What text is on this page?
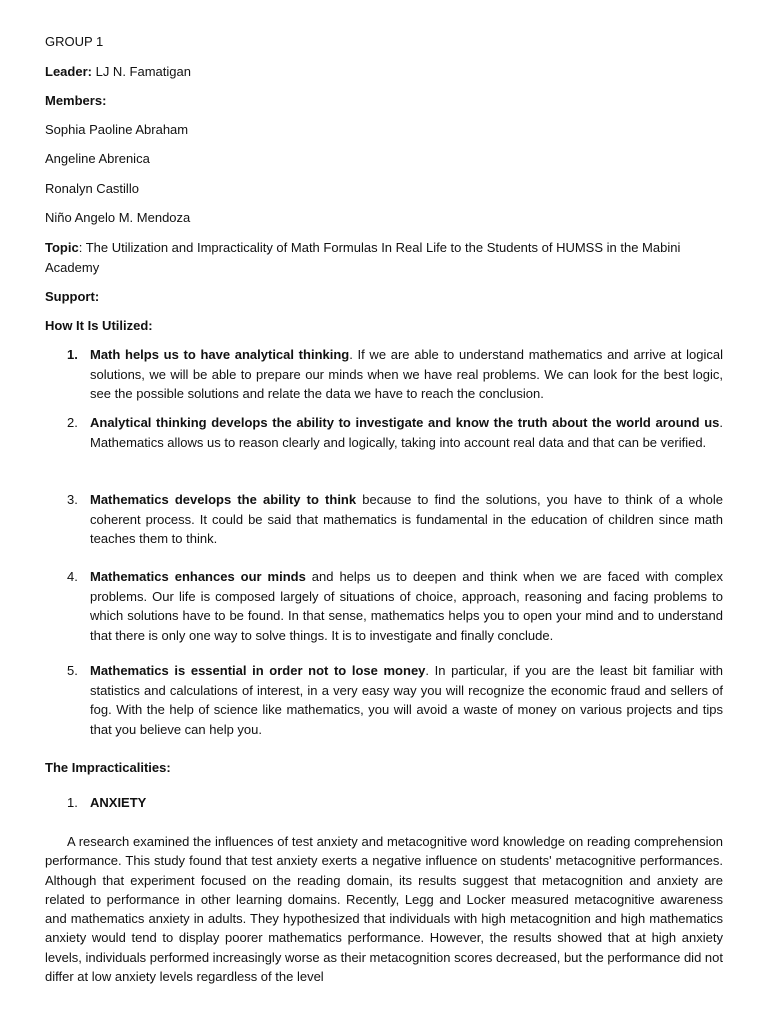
GROUP 1

Leader: LJ N. Famatigan

Members:

Sophia Paoline Abraham

Angeline Abrenica

Ronalyn Castillo

Niño Angelo M. Mendoza

Topic: The Utilization and Impracticality of Math Formulas In Real Life to the Students of HUMSS in the Mabini Academy

Support:

How It Is Utilized:

1. Math helps us to have analytical thinking. If we are able to understand mathematics and arrive at logical solutions, we will be able to prepare our minds when we have real problems. We can look for the best logic, see the possible solutions and relate the data we have to reach the conclusion.

2. Analytical thinking develops the ability to investigate and know the truth about the world around us. Mathematics allows us to reason clearly and logically, taking into account real data and that can be verified.

3. Mathematics develops the ability to think because to find the solutions, you have to think of a whole coherent process. It could be said that mathematics is fundamental in the education of children since math teaches them to think.

4. Mathematics enhances our minds and helps us to deepen and think when we are faced with complex problems. Our life is composed largely of situations of choice, approach, reasoning and facing problems to which solutions have to be found. In that sense, mathematics helps you to open your mind and to understand that there is only one way to solve things. It is to investigate and finally conclude.

5. Mathematics is essential in order not to lose money. In particular, if you are the least bit familiar with statistics and calculations of interest, in a very easy way you will recognize the economic fraud and sellers of fog. With the help of science like mathematics, you will avoid a waste of money on various projects and tips that you believe can help you.

The Impracticalities:

1. ANXIETY

A research examined the influences of test anxiety and metacognitive word knowledge on reading comprehension performance. This study found that test anxiety exerts a negative influence on students' metacognitive performances. Although that experiment focused on the reading domain, its results suggest that metacognition and anxiety are related to performance in other learning domains. Recently, Legg and Locker measured metacognitive awareness and mathematics anxiety in adults. They hypothesized that individuals with high metacognition and high mathematics anxiety would tend to display poorer mathematics performance. However, the results showed that at high anxiety levels, individuals performed increasingly worse as their metacognition scores decreased, but the performance did not differ at low anxiety levels regardless of the level
